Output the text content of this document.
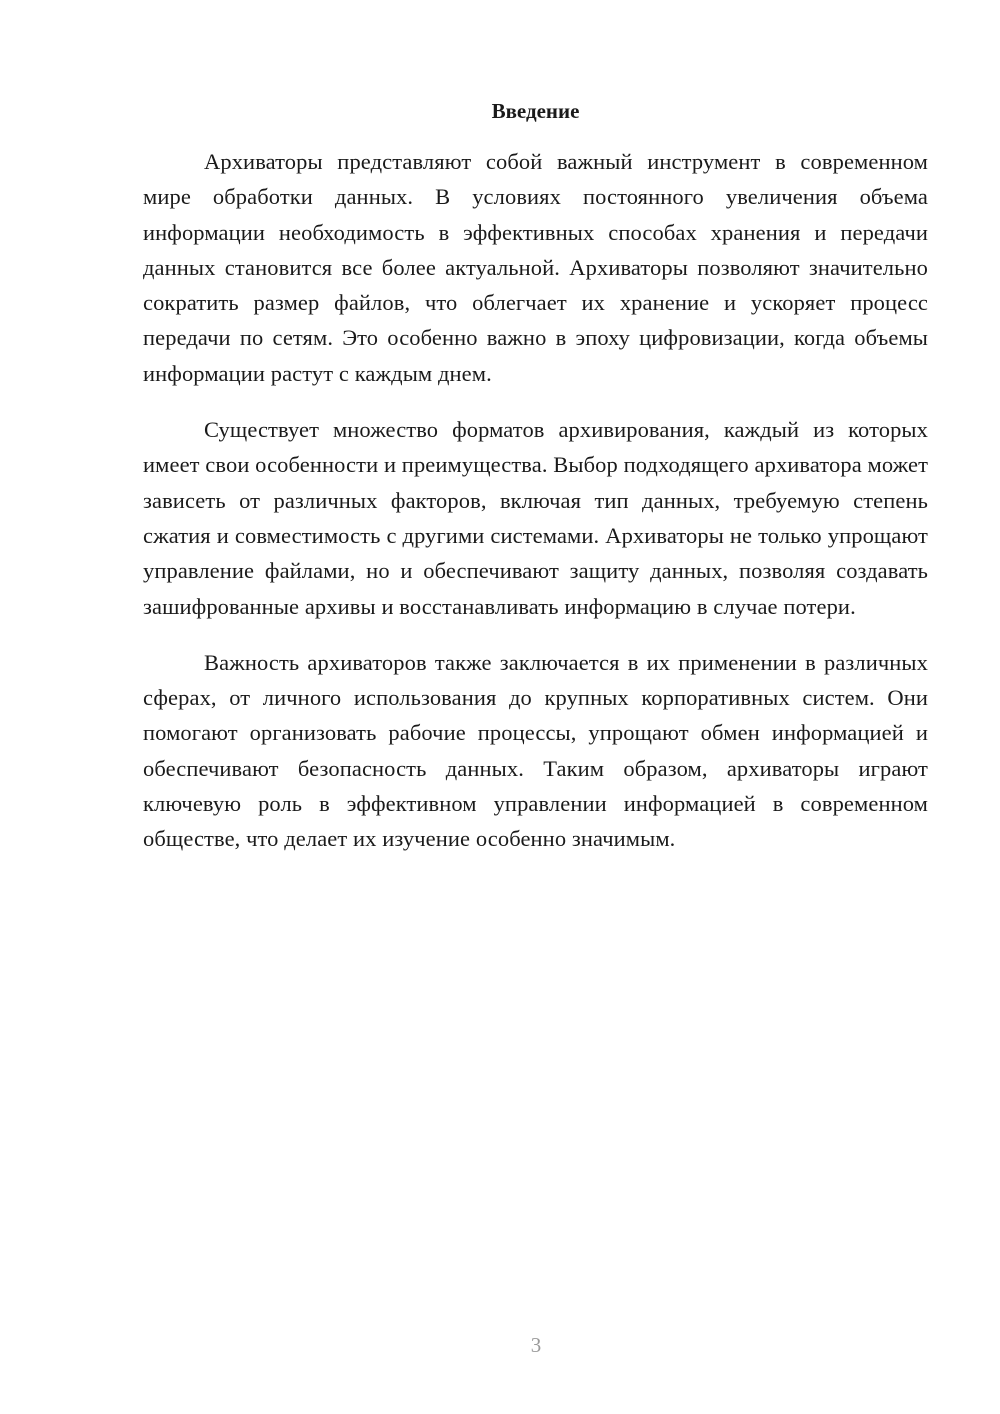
Введение

Архиваторы представляют собой важный инструмент в современном мире обработки данных. В условиях постоянного увеличения объема информации необходимость в эффективных способах хранения и передачи данных становится все более актуальной. Архиваторы позволяют значительно сократить размер файлов, что облегчает их хранение и ускоряет процесс передачи по сетям. Это особенно важно в эпоху цифровизации, когда объемы информации растут с каждым днем.

Существует множество форматов архивирования, каждый из которых имеет свои особенности и преимущества. Выбор подходящего архиватора может зависеть от различных факторов, включая тип данных, требуемую степень сжатия и совместимость с другими системами. Архиваторы не только упрощают управление файлами, но и обеспечивают защиту данных, позволяя создавать зашифрованные архивы и восстанавливать информацию в случае потери.

Важность архиваторов также заключается в их применении в различных сферах, от личного использования до крупных корпоративных систем. Они помогают организовать рабочие процессы, упрощают обмен информацией и обеспечивают безопасность данных. Таким образом, архиваторы играют ключевую роль в эффективном управлении информацией в современном обществе, что делает их изучение особенно значимым.

3
